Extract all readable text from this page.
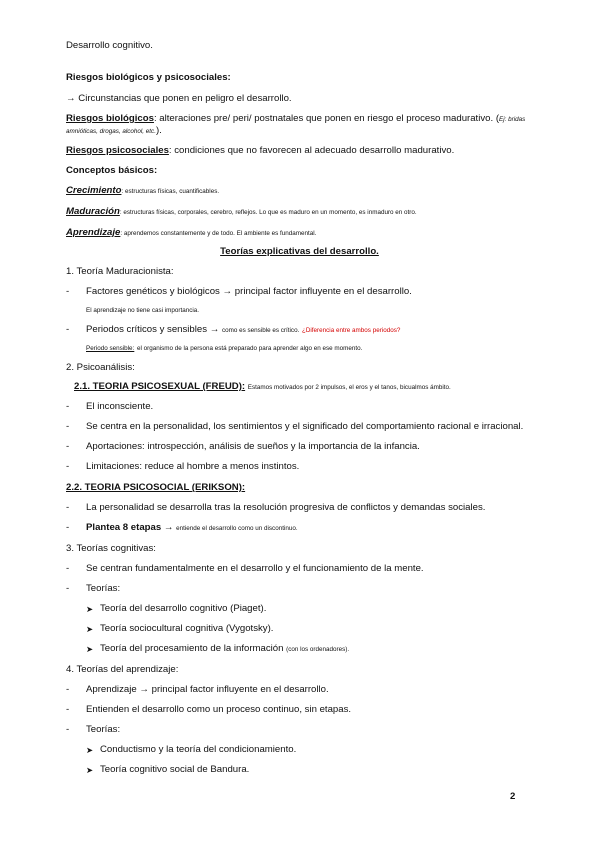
Desarrollo cognitivo.
Riesgos biológicos y psicosociales:
→ Circunstancias que ponen en peligro el desarrollo.
Riesgos biológicos: alteraciones pre/ peri/ postnatales que ponen en riesgo el proceso madurativo. (Ej: bridas
amnióticas, drogas, alcohol, etc.).
Riesgos psicosociales: condiciones que no favorecen al adecuado desarrollo madurativo.
Conceptos básicos:
Crecimiento: estructuras físicas, cuantificables.
Maduración: estructuras físicas, corporales, cerebro, reflejos. Lo que es maduro en un momento, es inmaduro en otro.
Aprendizaje: aprendemos constantemente y de todo. El ambiente es fundamental.
Teorías explicativas del desarrollo.
1. Teoría Maduracionista:
- Factores genéticos y biológicos → principal factor influyente en el desarrollo.
El aprendizaje no tiene casi importancia.
- Periodos críticos y sensibles → como es sensible es crítico. ¿Diferencia entre ambos periodos?
Periodo sensible: el organismo de la persona está preparado para aprender algo en ese momento.
2. Psicoanálisis:
2.1. TEORIA PSICOSEXUAL (FREUD): Estamos motivados por 2 impulsos, el eros y el tanos, bicualmos ámbito.
- El inconsciente.
- Se centra en la personalidad, los sentimientos y el significado del comportamiento racional e irracional.
- Aportaciones: introspección, análisis de sueños y la importancia de la infancia.
- Limitaciones: reduce al hombre a menos instintos.
2.2. TEORIA PSICOSOCIAL (ERIKSON):
- La personalidad se desarrolla tras la resolución progresiva de conflictos y demandas sociales.
- Plantea 8 etapas → entiende el desarrollo como un discontinuo.
3. Teorías cognitivas:
- Se centran fundamentalmente en el desarrollo y el funcionamiento de la mente.
- Teorías:
➤ Teoría del desarrollo cognitivo (Piaget).
➤ Teoría sociocultural cognitiva (Vygotsky).
➤ Teoría del procesamiento de la información (con los ordenadores).
4. Teorías del aprendizaje:
- Aprendizaje → principal factor influyente en el desarrollo.
- Entienden el desarrollo como un proceso continuo, sin etapas.
- Teorías:
➤ Conductismo y la teoría del condicionamiento.
➤ Teoría cognitivo social de Bandura.
2
